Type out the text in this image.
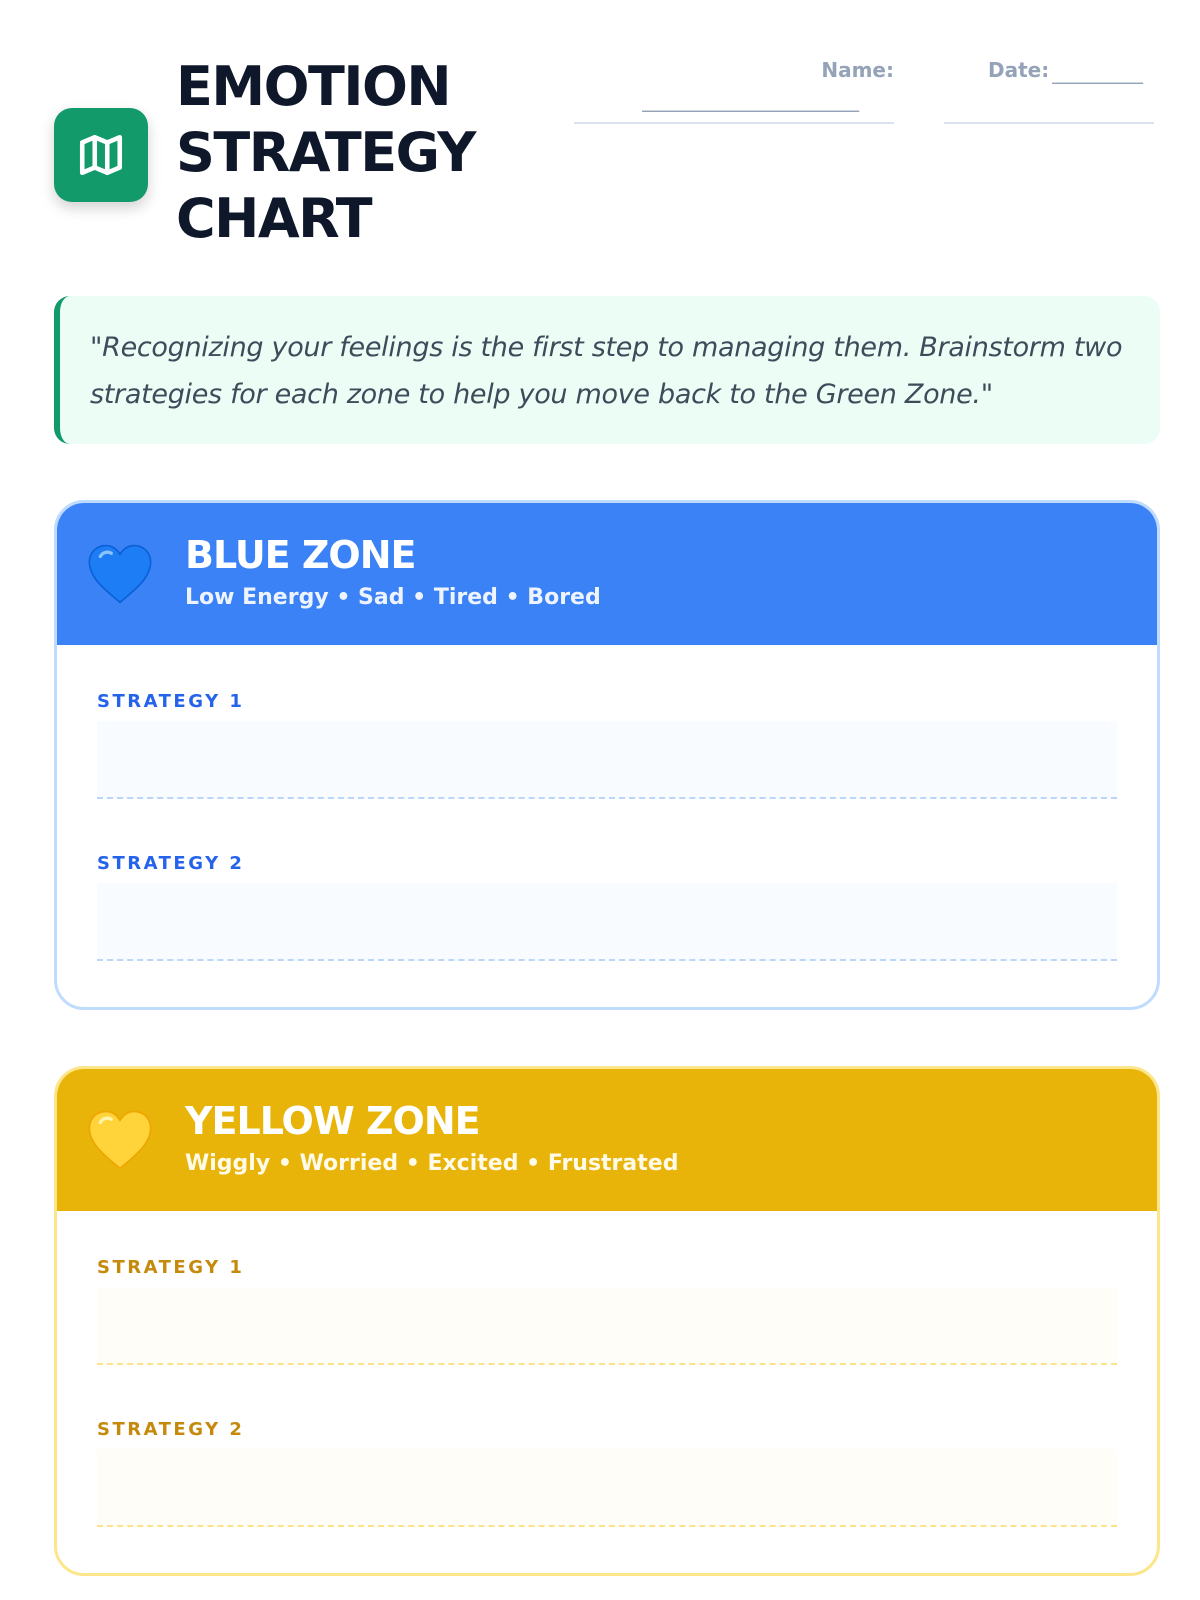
EMOTION
STRATEGY
CHART
Name:
________________________
Date: __________

"Recognizing your feelings is the first step to managing them. Brainstorm two strategies for each zone to help you move back to the Green Zone."

BLUE ZONE
Low Energy • Sad • Tired • Bored
STRATEGY 1
STRATEGY 2
YELLOW ZONE
Wiggly • Worried • Excited • Frustrated
STRATEGY 1
STRATEGY 2
